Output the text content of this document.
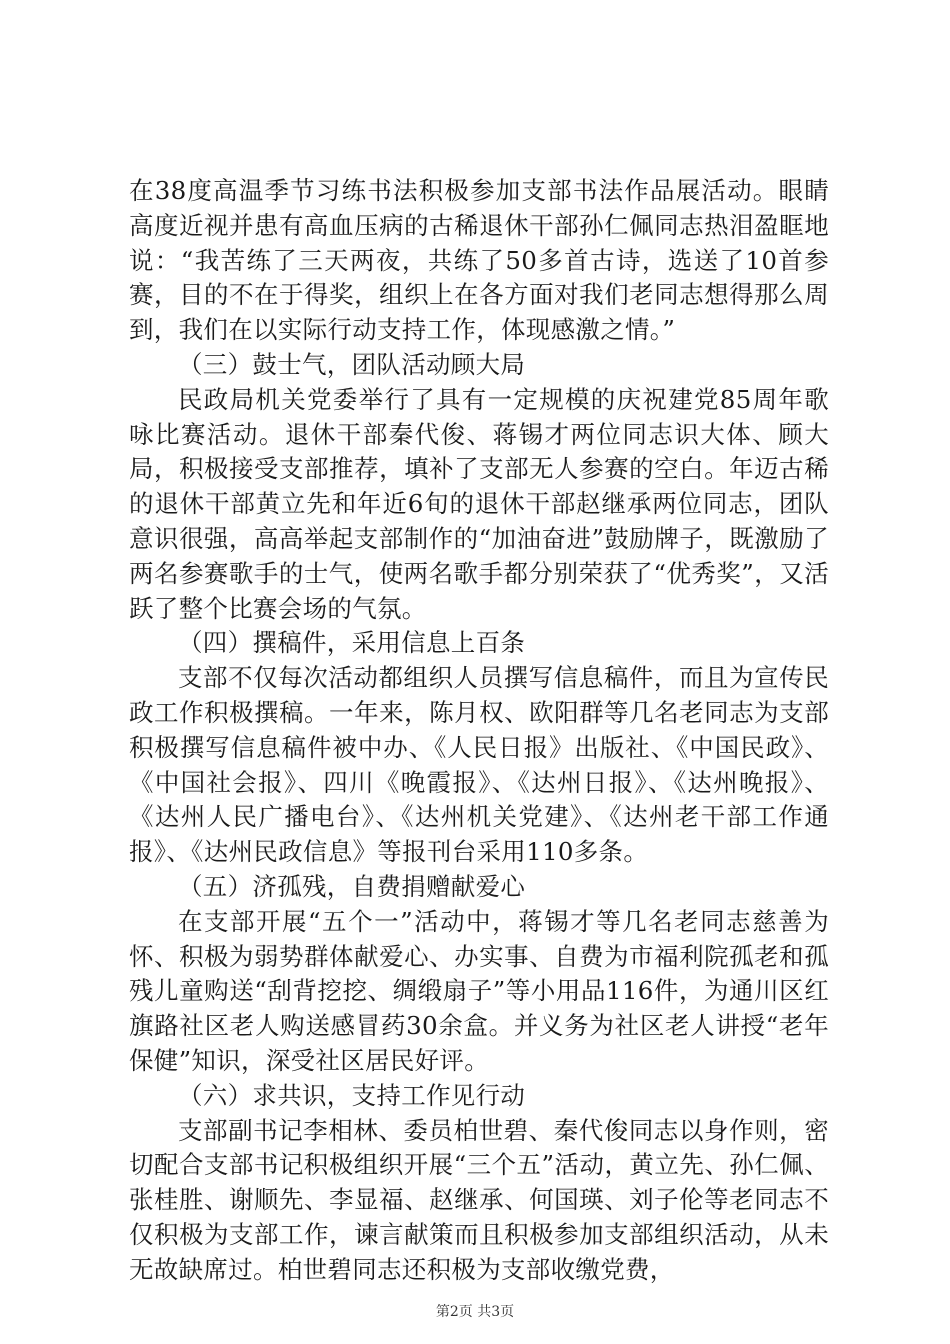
在38度高温季节习练书法积极参加支部书法作品展活动。眼睛高度近视并患有高血压病的古稀退休干部孙仁佩同志热泪盈眶地说：“我苦练了三天两夜，共练了50多首古诗，选送了10首参赛，目的不在于得奖，组织上在各方面对我们老同志想得那么周到，我们在以实际行动支持工作，体现感激之情。”

（三）鼓士气，团队活动顾大局

民政局机关党委举行了具有一定规模的庆祝建党85周年歌咏比赛活动。退休干部秦代俊、蒋锡才两位同志识大体、顾大局，积极接受支部推荐，填补了支部无人参赛的空白。年迈古稀的退休干部黄立先和年近6旬的退休干部赵继承两位同志，团队意识很强，高高举起支部制作的“加油奋进”鼓励牌子，既激励了两名参赛歌手的士气，使两名歌手都分别荣获了“优秀奖”，又活跃了整个比赛会场的气氛。

（四）撰稿件，采用信息上百条

支部不仅每次活动都组织人员撰写信息稿件，而且为宣传民政工作积极撰稿。一年来，陈月权、欧阳群等几名老同志为支部积极撰写信息稿件被中办、《人民日报》出版社、《中国民政》、《中国社会报》、四川《晚霞报》、《达州日报》、《达州晚报》、《达州人民广播电台》、《达州机关党建》、《达州老干部工作通报》、《达州民政信息》等报刊台采用110多条。

（五）济孤残，自费捐赠献爱心

在支部开展“五个一”活动中，蒋锡才等几名老同志慈善为怀、积极为弱势群体献爱心、办实事、自费为市福利院孤老和孤残儿童购送“刮背挖挖、绸缎扇子”等小用品116件，为通川区红旗路社区老人购送感冒药30余盒。并义务为社区老人讲授“老年保健”知识，深受社区居民好评。

（六）求共识，支持工作见行动

支部副书记李相林、委员柏世碧、秦代俊同志以身作则，密切配合支部书记积极组织开展“三个五”活动，黄立先、孙仁佩、张桂胜、谢顺先、李显福、赵继承、何国瑛、刘子伦等老同志不仅积极为支部工作，谏言献策而且积极参加支部组织活动，从未无故缺席过。柏世碧同志还积极为支部收缴党费，

第2页 共3页
